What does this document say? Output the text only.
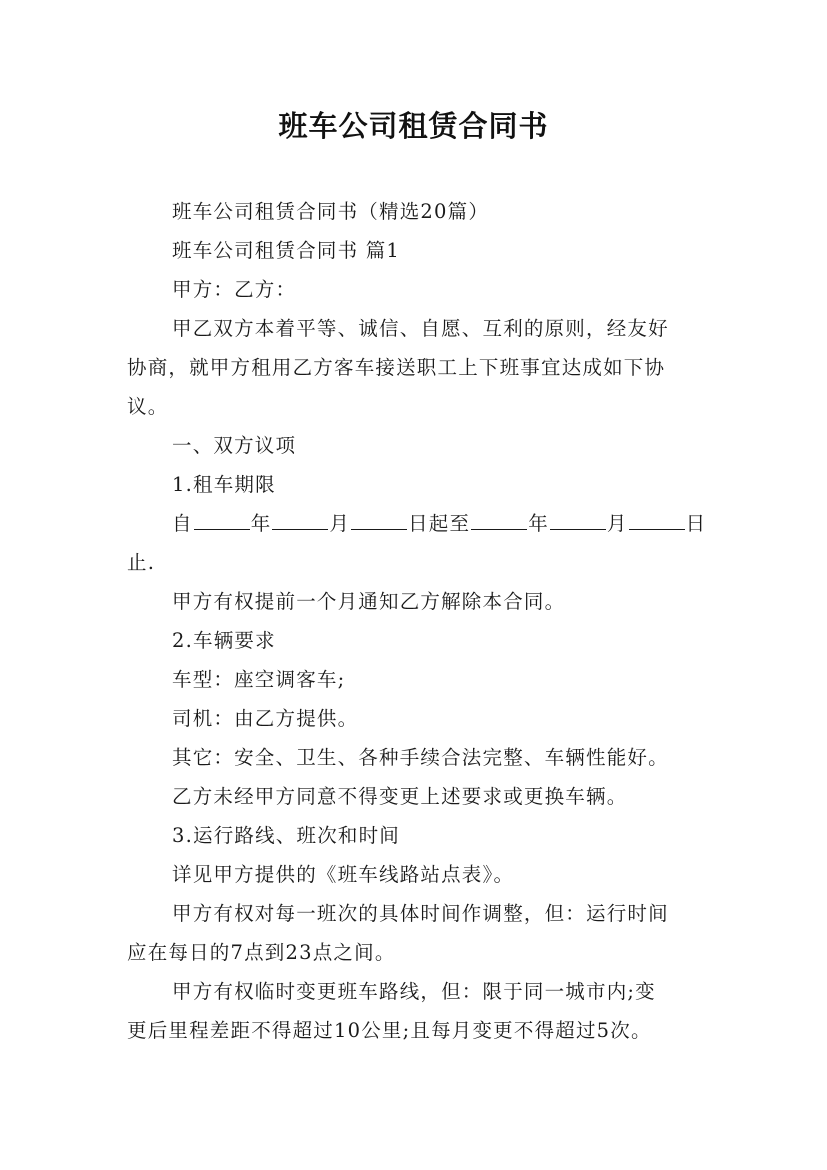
班车公司租赁合同书

班车公司租赁合同书（精选20篇）

班车公司租赁合同书 篇1

甲方：乙方：

甲乙双方本着平等、诚信、自愿、互利的原则，经友好

协商，就甲方租用乙方客车接送职工上下班事宜达成如下协

议。

一、双方议项

1.租车期限

自	年	月	日起至	年	月	日

止.

甲方有权提前一个月通知乙方解除本合同。

2.车辆要求

车型：座空调客车;

司机：由乙方提供。

其它：安全、卫生、各种手续合法完整、车辆性能好。

乙方未经甲方同意不得变更上述要求或更换车辆。

3.运行路线、班次和时间

详见甲方提供的《班车线路站点表》。

甲方有权对每一班次的具体时间作调整，但：运行时间

应在每日的7点到23点之间。

甲方有权临时变更班车路线，但：限于同一城市内;变

更后里程差距不得超过10公里;且每月变更不得超过5次。
